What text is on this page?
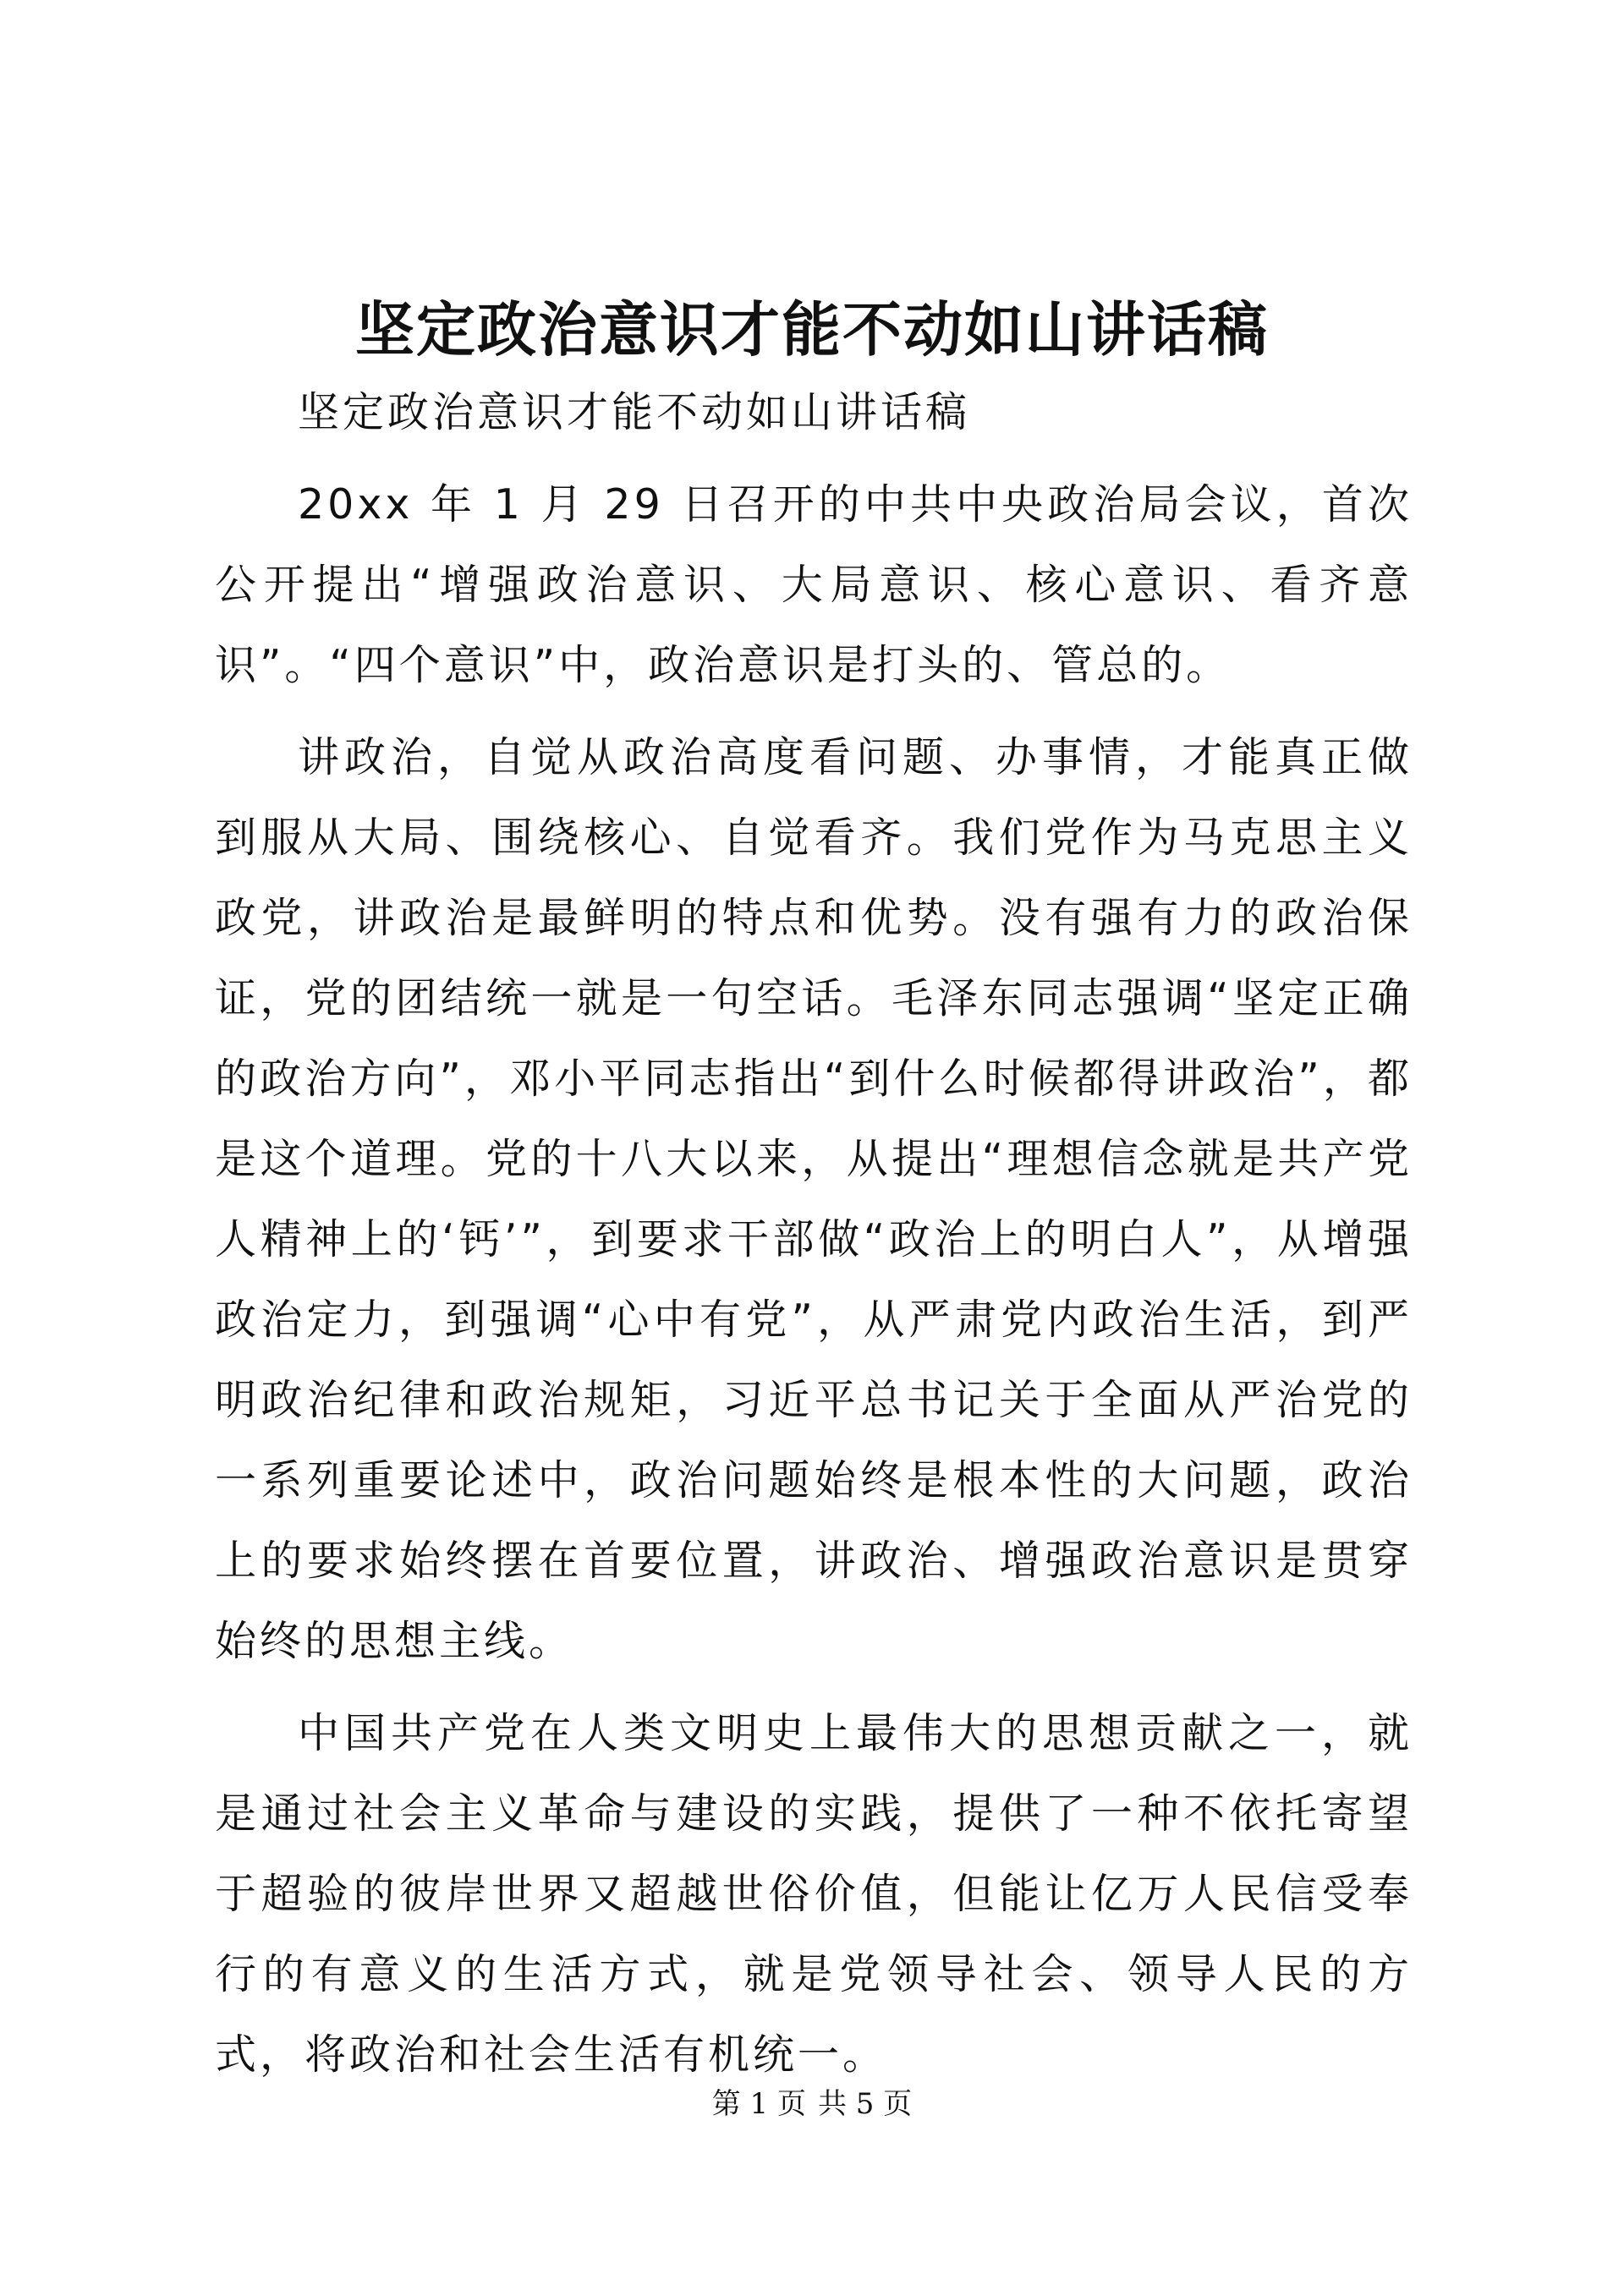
坚定政治意识才能不动如山讲话稿

坚定政治意识才能不动如山讲话稿

20xx 年 1 月 29 日召开的中共中央政治局会议，首次公开提出“增强政治意识、大局意识、核心意识、看齐意识”。“四个意识”中，政治意识是打头的、管总的。

讲政治，自觉从政治高度看问题、办事情，才能真正做到服从大局、围绕核心、自觉看齐。我们党作为马克思主义政党，讲政治是最鲜明的特点和优势。没有强有力的政治保证，党的团结统一就是一句空话。毛泽东同志强调“坚定正确的政治方向”，邓小平同志指出“到什么时候都得讲政治”，都是这个道理。党的十八大以来，从提出“理想信念就是共产党人精神上的‘钙’”，到要求干部做“政治上的明白人”，从增强政治定力，到强调“心中有党”，从严肃党内政治生活，到严明政治纪律和政治规矩，习近平总书记关于全面从严治党的一系列重要论述中，政治问题始终是根本性的大问题，政治上的要求始终摆在首要位置，讲政治、增强政治意识是贯穿始终的思想主线。

中国共产党在人类文明史上最伟大的思想贡献之一，就是通过社会主义革命与建设的实践，提供了一种不依托寄望于超验的彼岸世界又超越世俗价值，但能让亿万人民信受奉行的有意义的生活方式，就是党领导社会、领导人民的方式，将政治和社会生活有机统一。

第 1 页 共 5 页
